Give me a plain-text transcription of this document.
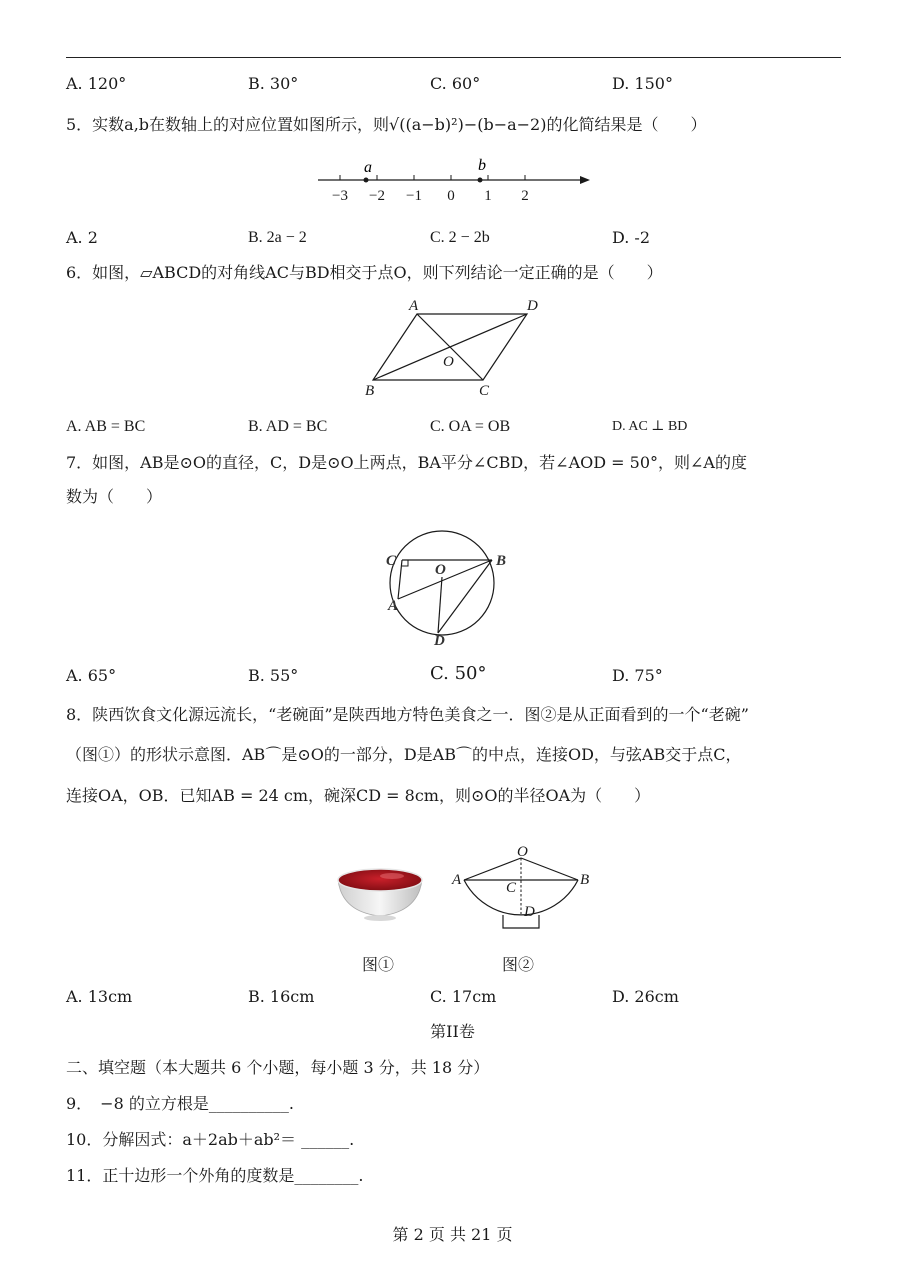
A. 120°	B. 30°	C. 60°	D. 150°
5．实数a,b在数轴上的对应位置如图所示，则√((a−b)²)−(b−a−2)的化简结果是（　　）
−3 −2 −1 0 1 2
a	b
A. 2	B. 2a − 2	C. 2 − 2b	D. -2
6．如图，▱ABCD的对角线AC与BD相交于点O，则下列结论一定正确的是（　　）
A	D
B	C
O
A. AB = BC	B. AD = BC	C. OA = OB	D. AC ⊥ BD
7．如图，AB是⊙O的直径，C，D是⊙O上两点，BA平分∠CBD，若∠AOD = 50°，则∠A的度
数为（　　）
C	B
A
D
O
A. 65°	B. 55°	C. 50°	D. 75°
8．陕西饮食文化源远流长，“老碗面”是陕西地方特色美食之一．图②是从正面看到的一个“老碗”
（图①）的形状示意图．AB⌒是⊙O的一部分，D是AB⌒的中点，连接OD，与弦AB交于点C，
连接OA，OB．已知AB = 24 cm，碗深CD = 8cm，则⊙O的半径OA为（　　）
O
A	B
C
D
图①	图②
A. 13cm	B. 16cm	C. 17cm	D. 26cm
第II卷
二、填空题（本大题共 6 个小题，每小题 3 分，共 18 分）
9．　−8 的立方根是__________.
10．分解因式：a＋2ab＋ab²＝ ______.
11．正十边形一个外角的度数是________.
第 2 页 共 21 页
